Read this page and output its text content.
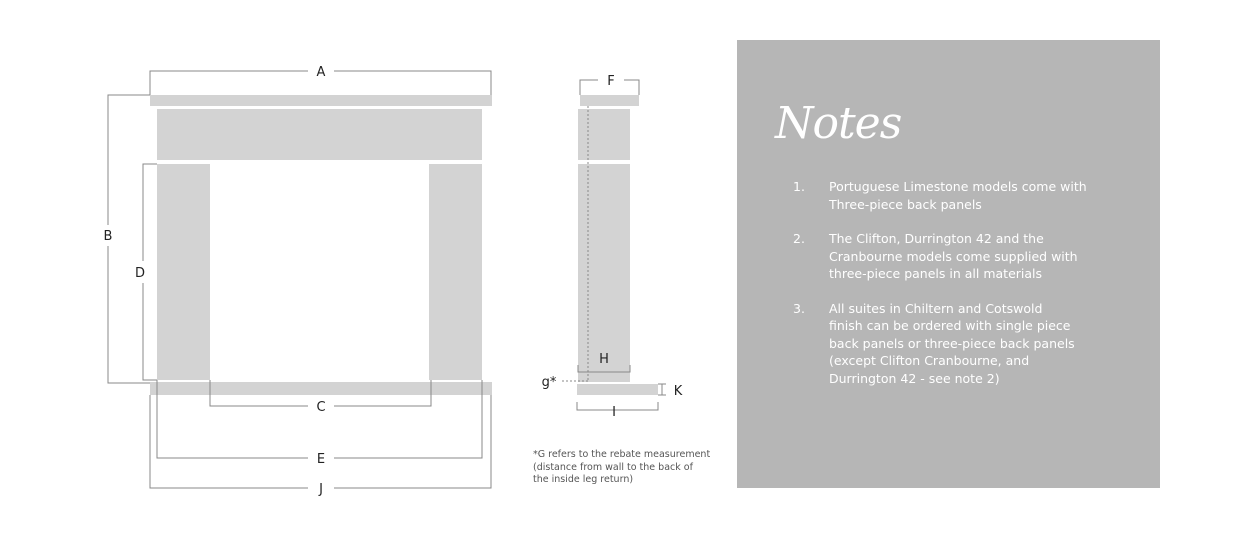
A
B
D
C
E
J
F
H
g*
K
I
*G refers to the rebate measurement
(distance from wall to the back of
the inside leg return)
Notes
1.	Portuguese Limestone models come with
Three-piece back panels
2.	The Clifton, Durrington 42 and the
Cranbourne models come supplied with
three-piece panels in all materials
3.	All suites in Chiltern and Cotswold
finish can be ordered with single piece
back panels or three-piece back panels
(except Clifton Cranbourne, and
Durrington 42 - see note 2)
